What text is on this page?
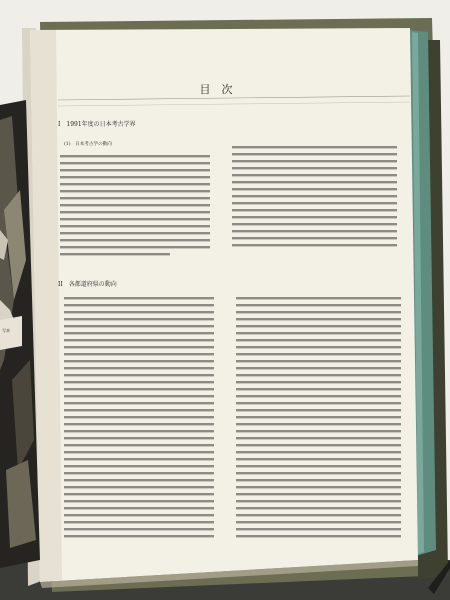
目　次
I　1991年度の日本考古学界
(1)　日本考古学の動向
II　各都道府県の動向
写真
